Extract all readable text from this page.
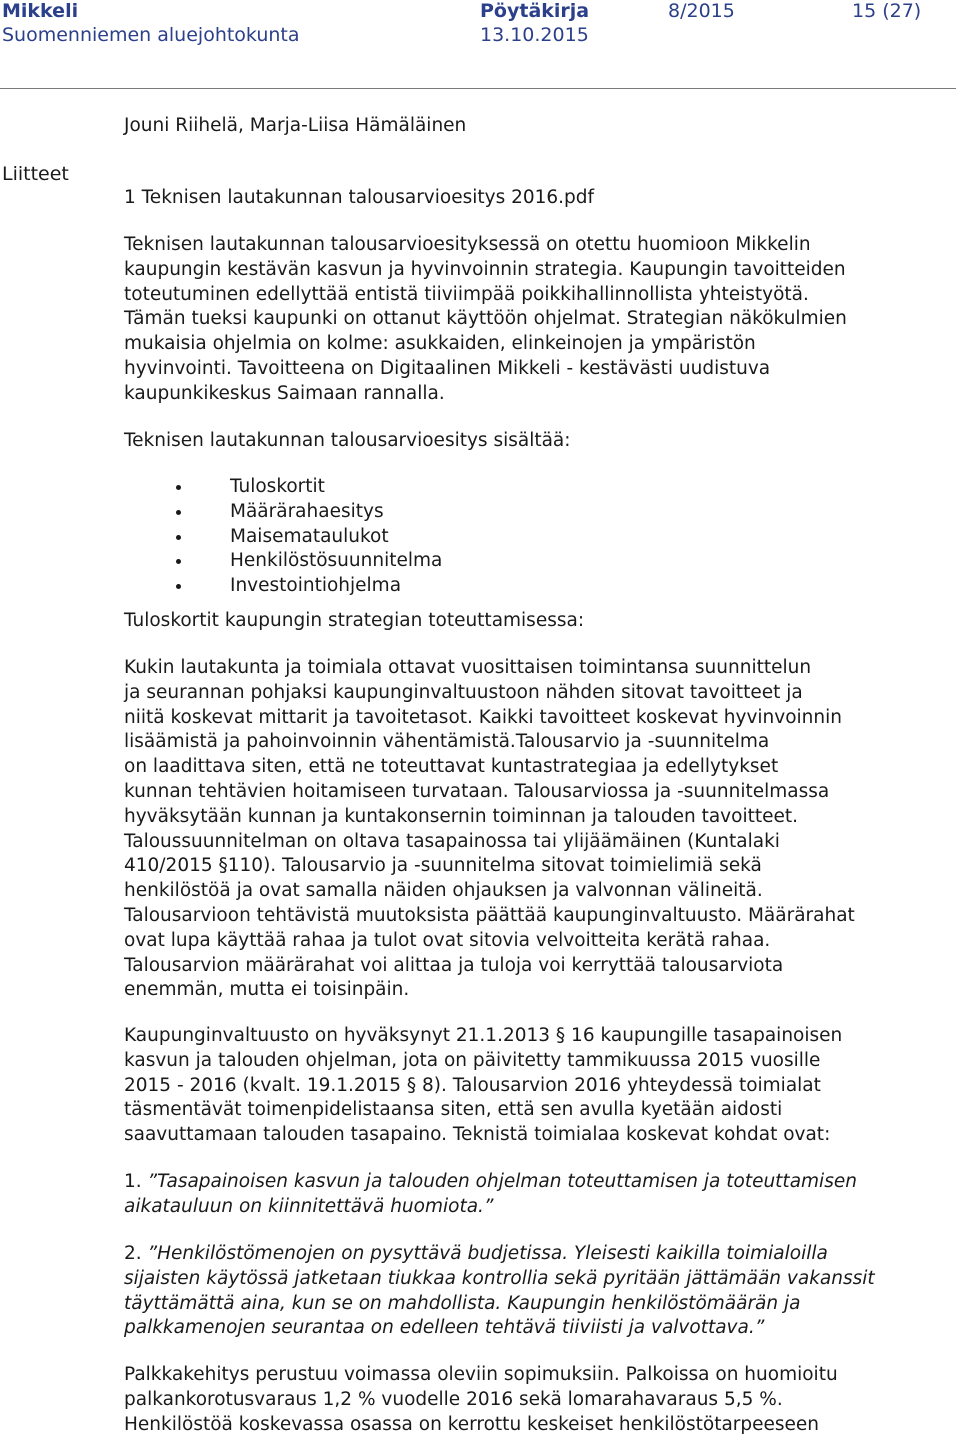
Mikkeli	Pöytäkirja	8/2015	15 (27)
Suomenniemen aluejohtokunta	13.10.2015

Jouni Riihelä, Marja-Liisa Hämäläinen

Liitteet

1 Teknisen lautakunnan talousarvioesitys 2016.pdf

Teknisen lautakunnan talousarvioesityksessä on otettu huomioon Mikkelin

kaupungin kestävän kasvun ja hyvinvoinnin strategia. Kaupungin tavoitteiden

toteutuminen edellyttää entistä tiiviimpää poikkihallinnollista yhteistyötä.

Tämän tueksi kaupunki on ottanut käyttöön ohjelmat. Strategian näkökulmien

mukaisia ohjelmia on kolme: asukkaiden, elinkeinojen ja ympäristön

hyvinvointi. Tavoitteena on Digitaalinen Mikkeli - kestävästi uudistuva

kaupunkikeskus Saimaan rannalla.

Teknisen lautakunnan talousarvioesitys sisältää:

Tuloskortit
Määrärahaesitys
Maisemataulukot
Henkilöstösuunnitelma
Investointiohjelma

Tuloskortit kaupungin strategian toteuttamisessa:

Kukin lautakunta ja toimiala ottavat vuosittaisen toimintansa suunnittelun

ja seurannan pohjaksi kaupunginvaltuustoon nähden sitovat tavoitteet ja

niitä koskevat mittarit ja tavoitetasot. Kaikki tavoitteet koskevat hyvinvoinnin

lisäämistä ja pahoinvoinnin vähentämistä.Talousarvio ja -suunnitelma

on laadittava siten, että ne toteuttavat kuntastrategiaa ja edellytykset

kunnan tehtävien hoitamiseen turvataan. Talousarviossa ja -suunnitelmassa

hyväksytään kunnan ja kuntakonsernin toiminnan ja talouden tavoitteet.

Taloussuunnitelman on oltava tasapainossa tai ylijäämäinen (Kuntalaki

410/2015 §110). Talousarvio ja -suunnitelma sitovat toimielimiä sekä

henkilöstöä ja ovat samalla näiden ohjauksen ja valvonnan välineitä.

Talousarvioon tehtävistä muutoksista päättää kaupunginvaltuusto. Määrärahat

ovat lupa käyttää rahaa ja tulot ovat sitovia velvoitteita kerätä rahaa.

Talousarvion määrärahat voi alittaa ja tuloja voi kerryttää talousarviota

enemmän, mutta ei toisinpäin.

Kaupunginvaltuusto on hyväksynyt 21.1.2013 § 16 kaupungille tasapainoisen

kasvun ja talouden ohjelman, jota on päivitetty tammikuussa 2015 vuosille

2015 - 2016 (kvalt. 19.1.2015 § 8). Talousarvion 2016 yhteydessä toimialat

täsmentävät toimenpidelistaansa siten, että sen avulla kyetään aidosti

saavuttamaan talouden tasapaino. Teknistä toimialaa koskevat kohdat ovat:

1. ”Tasapainoisen kasvun ja talouden ohjelman toteuttamisen ja toteuttamisen

aikatauluun on kiinnitettävä huomiota.”

2. ”Henkilöstömenojen on pysyttävä budjetissa. Yleisesti kaikilla toimialoilla

sijaisten käytössä jatketaan tiukkaa kontrollia sekä pyritään jättämään vakanssit

täyttämättä aina, kun se on mahdollista. Kaupungin henkilöstömäärän ja

palkkamenojen seurantaa on edelleen tehtävä tiiviisti ja valvottava.”

Palkkakehitys perustuu voimassa oleviin sopimuksiin. Palkoissa on huomioitu

palkankorotusvaraus 1,2 % vuodelle 2016 sekä lomarahavaraus 5,5 %.

Henkilöstöä koskevassa osassa on kerrottu keskeiset henkilöstötarpeeseen
